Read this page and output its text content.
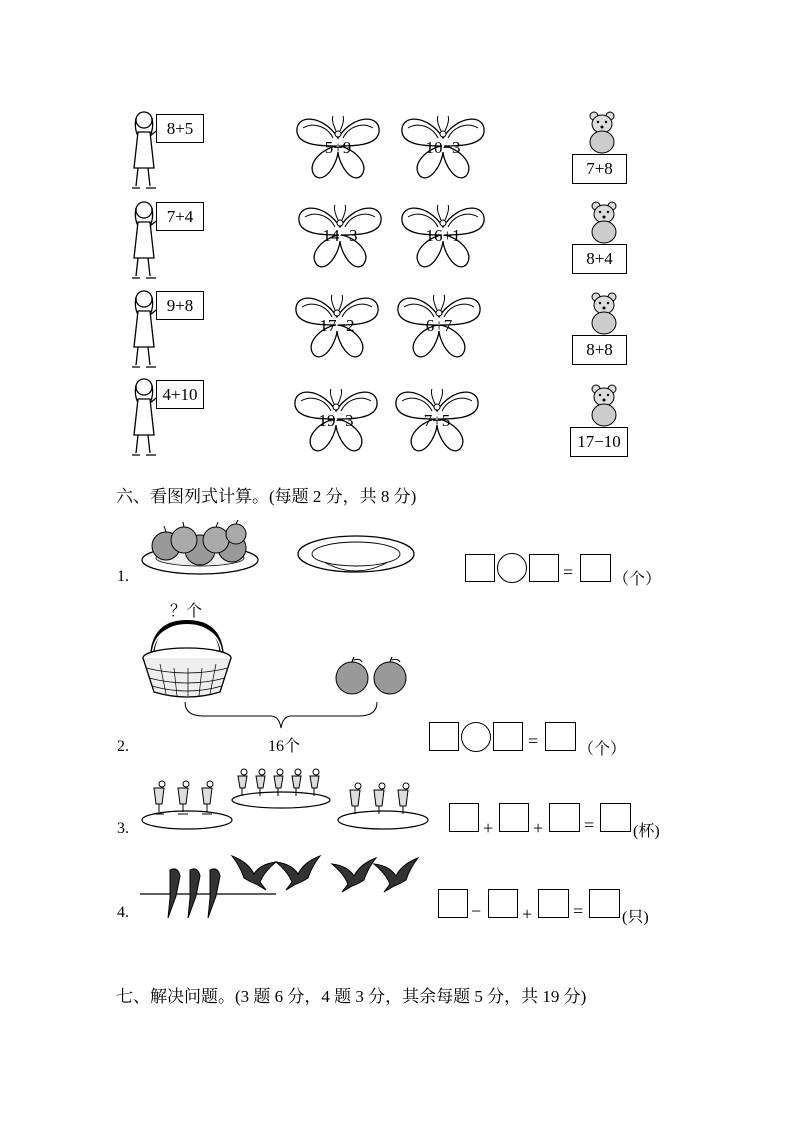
8+5
7+4
9+8
4+10
5+9	10−3
14−3	16+1
17−2	6+7
19−3	7+5
7+8
8+4
8+8
17−10
六、看图列式计算。(每题 2 分，共 8 分)
1.	= （个）
？个
16个
2.	= （个）
3.	+ + = (杯)
4.	− + = (只)
七、解决问题。(3 题 6 分，4 题 3 分，其余每题 5 分，共 19 分)
